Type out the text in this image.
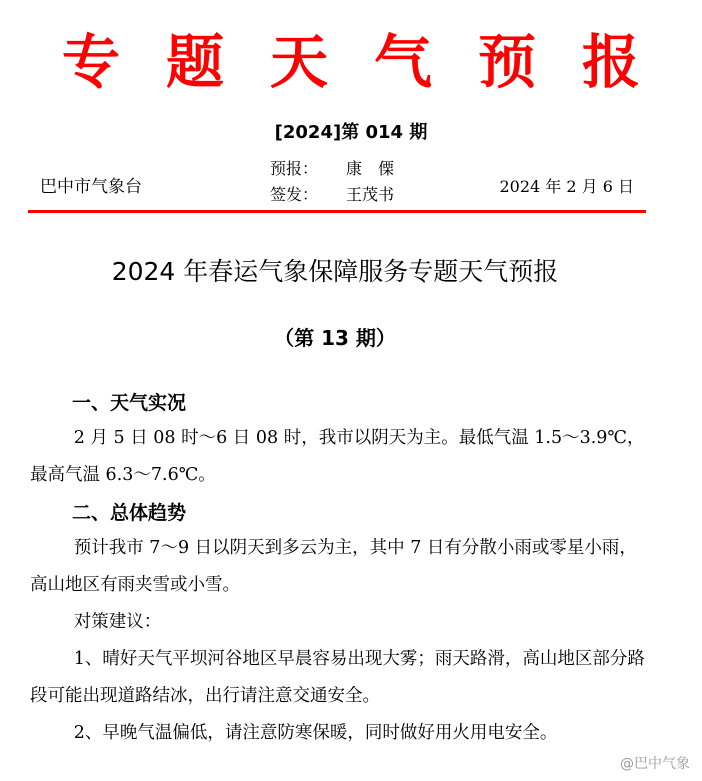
专 题 天 气 预 报
[2024]第 014 期
巴中市气象台
预报： 康　傈
签发： 王茂书	2024 年 2 月 6 日
2024 年春运气象保障服务专题天气预报
（第 13 期）
一、天气实况
2 月 5 日 08 时～6 日 08 时，我市以阴天为主。最低气温 1.5～3.9℃，最高气温 6.3～7.6℃。
二、总体趋势
预计我市 7～9 日以阴天到多云为主，其中 7 日有分散小雨或零星小雨，高山地区有雨夹雪或小雪。
对策建议：
1、晴好天气平坝河谷地区早晨容易出现大雾；雨天路滑，高山地区部分路段可能出现道路结冰，出行请注意交通安全。
2、早晚气温偏低，请注意防寒保暖，同时做好用火用电安全。
@巴中气象
